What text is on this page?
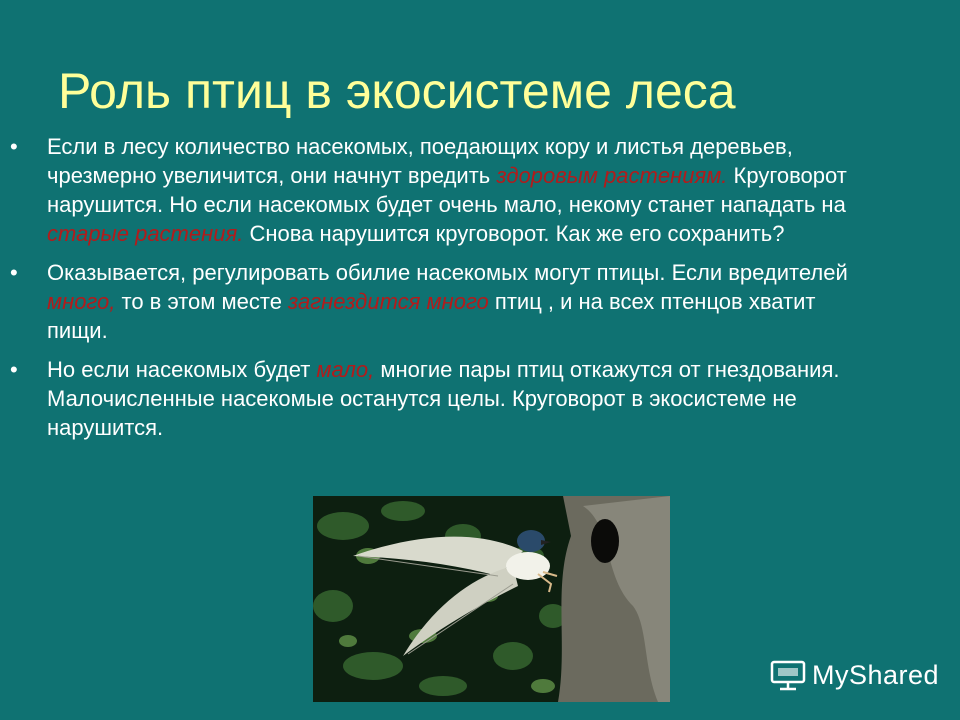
Роль птиц в экосистеме леса
• Если в лесу количество насекомых, поедающих кору и листья деревьев, чрезмерно увеличится, они начнут вредить здоровым растениям. Круговорот нарушится. Но если насекомых будет очень мало, некому станет нападать на старые растения. Снова нарушится круговорот. Как же его сохранить?
• Оказывается, регулировать обилие насекомых могут птицы. Если вредителей много, то в этом месте загнездится много птиц , и на всех птенцов хватит пищи.
• Но если насекомых будет мало, многие пары птиц откажутся от гнездования. Малочисленные насекомые останутся целы. Круговорот в экосистеме не нарушится.
MyShared
